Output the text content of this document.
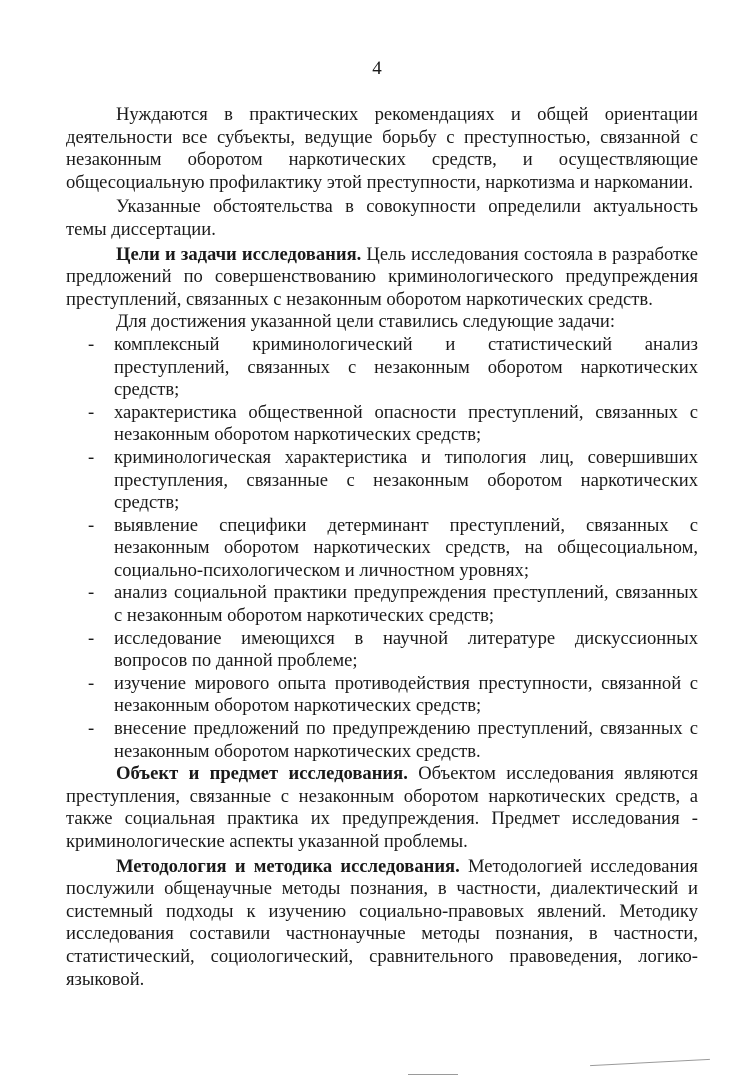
4

Нуждаются в практических рекомендациях и общей ориентации деятельности все субъекты, ведущие борьбу с преступностью, связанной с незаконным оборотом наркотических средств, и осуществляющие общесоциальную профилактику этой преступности, наркотизма и наркомании.

Указанные обстоятельства в совокупности определили актуальность темы диссертации.

Цели и задачи исследования. Цель исследования состояла в разработке предложений по совершенствованию криминологического предупреждения преступлений, связанных с незаконным оборотом наркотических средств.

Для достижения указанной цели ставились следующие задачи:

- комплексный криминологический и статистический анализ преступлений, связанных с незаконным оборотом наркотических средств;
- характеристика общественной опасности преступлений, связанных с незаконным оборотом наркотических средств;
- криминологическая характеристика и типология лиц, совершивших преступления, связанные с незаконным оборотом наркотических средств;
- выявление специфики детерминант преступлений, связанных с незаконным оборотом наркотических средств, на общесоциальном, социально-психологическом и личностном уровнях;
- анализ социальной практики предупреждения преступлений, связанных с незаконным оборотом наркотических средств;
- исследование имеющихся в научной литературе дискуссионных вопросов по данной проблеме;
- изучение мирового опыта противодействия преступности, связанной с незаконным оборотом наркотических средств;
- внесение предложений по предупреждению преступлений, связанных с незаконным оборотом наркотических средств.

Объект и предмет исследования. Объектом исследования являются преступления, связанные с незаконным оборотом наркотических средств, а также социальная практика их предупреждения. Предмет исследования - криминологические аспекты указанной проблемы.

Методология и методика исследования. Методологией исследования послужили общенаучные методы познания, в частности, диалектический и системный подходы к изучению социально-правовых явлений. Методику исследования составили частнонаучные методы познания, в частности, статистический, социологический, сравнительного правоведения, логико-языковой.
